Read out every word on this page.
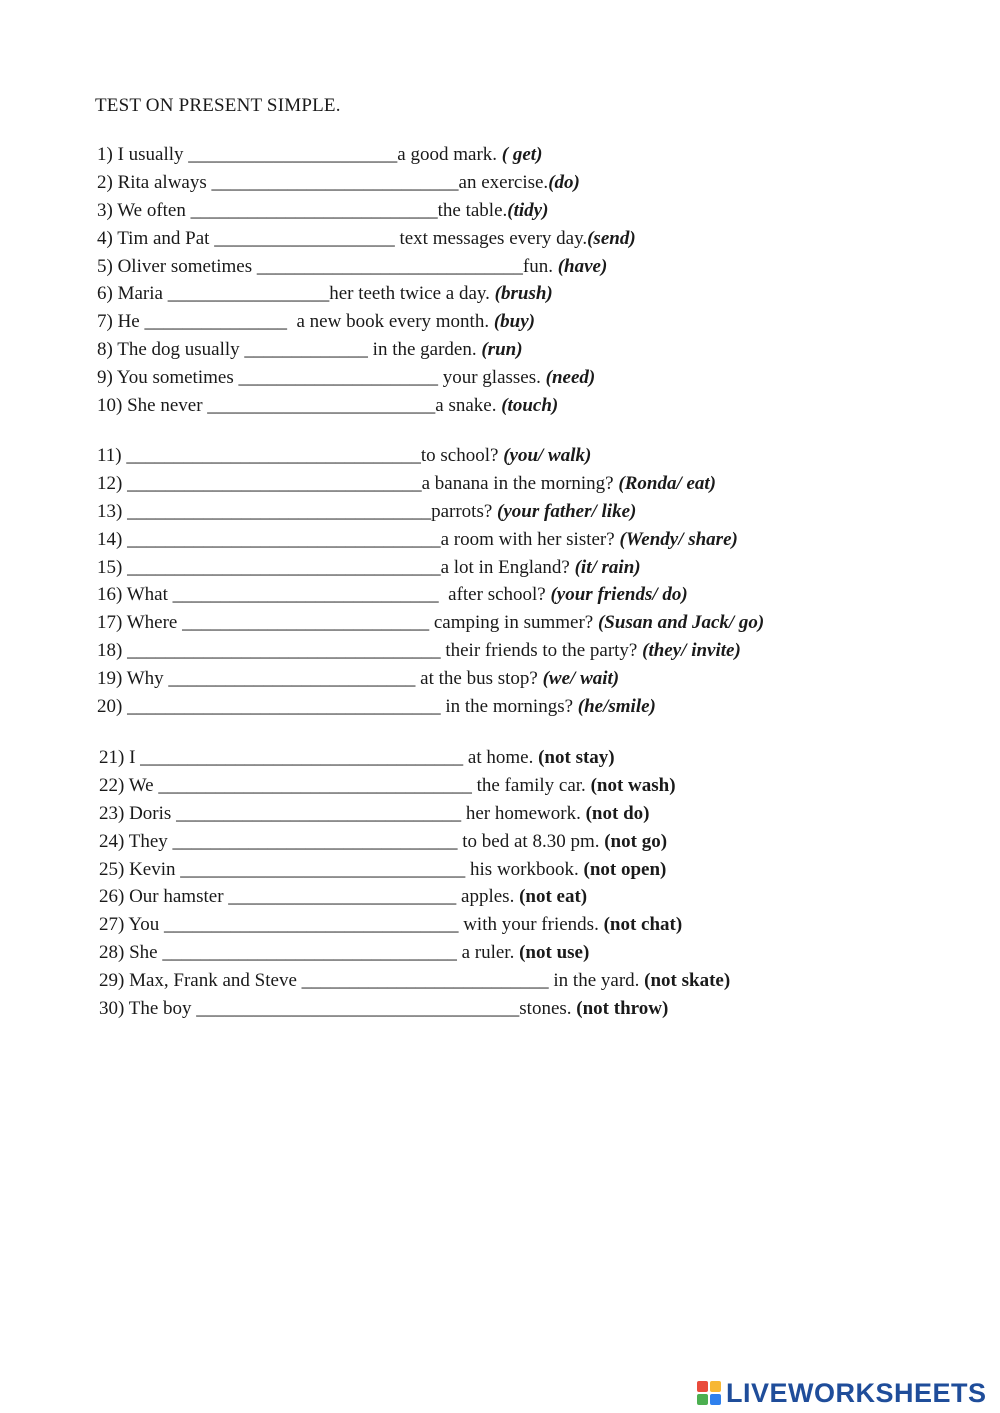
TEST ON PRESENT SIMPLE.
1) I usually ______________________a good mark. ( get)
2) Rita always __________________________an exercise.(do)
3) We often __________________________the table.(tidy)
4) Tim and Pat ___________________ text messages every day.(send)
5) Oliver sometimes ____________________________fun. (have)
6) Maria _________________her teeth twice a day. (brush)
7) He _______________  a new book every month. (buy)
8) The dog usually _____________ in the garden. (run)
9) You sometimes _____________________ your glasses. (need)
10) She never ________________________a snake. (touch)
11) _______________________________to school? (you/ walk)
12) _______________________________a banana in the morning? (Ronda/ eat)
13) ________________________________parrots? (your father/ like)
14) _________________________________a room with her sister? (Wendy/ share)
15) _________________________________a lot in England? (it/ rain)
16) What ____________________________  after school? (your friends/ do)
17) Where __________________________ camping in summer? (Susan and Jack/ go)
18) _________________________________ their friends to the party? (they/ invite)
19) Why __________________________ at the bus stop? (we/ wait)
20) _________________________________ in the mornings? (he/smile)
21) I __________________________________ at home. (not stay)
22) We _________________________________ the family car. (not wash)
23) Doris ______________________________ her homework. (not do)
24) They ______________________________ to bed at 8.30 pm. (not go)
25) Kevin ______________________________ his workbook. (not open)
26) Our hamster ________________________ apples. (not eat)
27) You _______________________________ with your friends. (not chat)
28) She _______________________________ a ruler. (not use)
29) Max, Frank and Steve __________________________ in the yard. (not skate)
30) The boy __________________________________stones. (not throw)
LIVEWORKSHEETS
